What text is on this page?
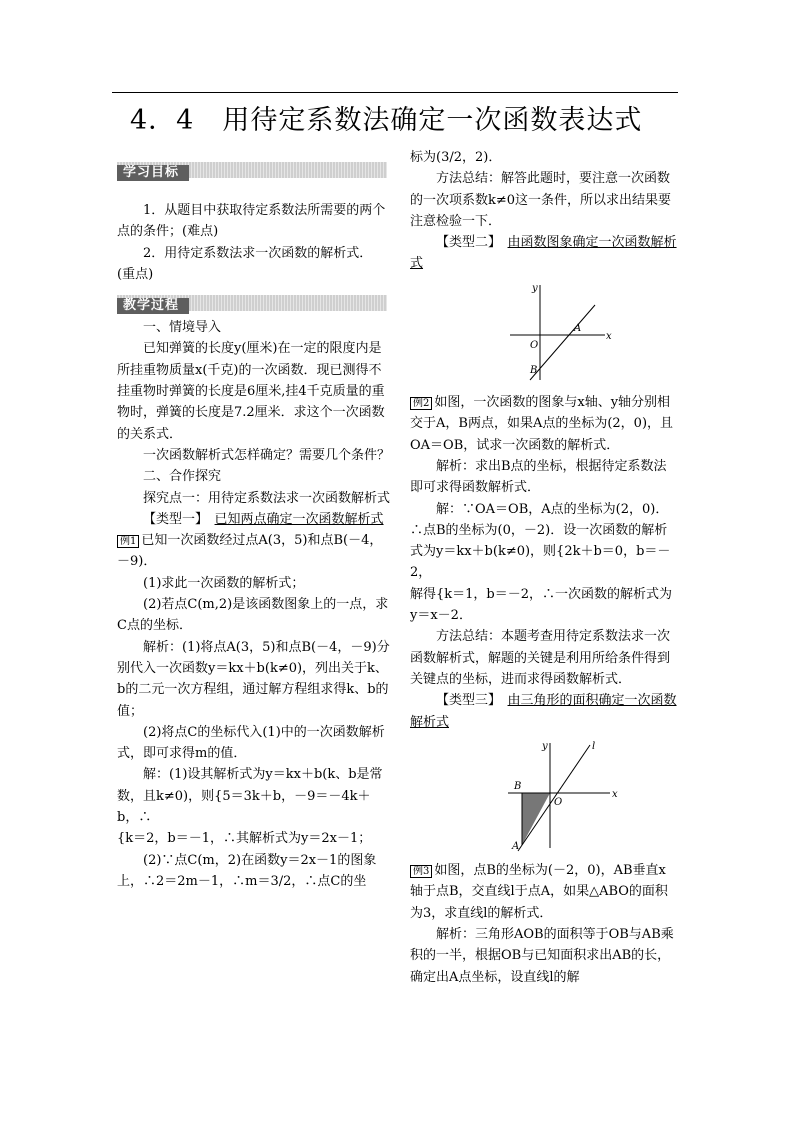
4．4　用待定系数法确定一次函数表达式
学习目标

1．从题目中获取待定系数法所需要的两个点的条件；(难点)

2．用待定系数法求一次函数的解析式．(重点)

教学过程

一、情境导入

已知弹簧的长度y(厘米)在一定的限度内是所挂重物质量x(千克)的一次函数．现已测得不挂重物时弹簧的长度是6厘米,挂4千克质量的重物时，弹簧的长度是7.2厘米．求这个一次函数的关系式．

一次函数解析式怎样确定？需要几个条件？

二、合作探究

探究点一：用待定系数法求一次函数解析式

【类型一】　 已知两点确定一次函数解析式

例1 已知一次函数经过点A(3，5)和点B(－4，－9)．

(1)求此一次函数的解析式；

(2)若点C(m,2)是该函数图象上的一点，求C点的坐标．

解析：(1)将点A(3，5)和点B(－4，－9)分别代入一次函数y＝kx＋b(k≠0)，列出关于k、b的二元一次方程组，通过解方程组求得k、b的值；

(2)将点C的坐标代入(1)中的一次函数解析式，即可求得m的值．

解：(1)设其解析式为y＝kx＋b(k、b是常数，且k≠0)，则{5＝3k＋b，－9＝－4k＋b，∴

{k＝2，b＝－1，∴其解析式为y＝2x－1；

(2)∵点C(m，2)在函数y＝2x－1的图象上，∴2＝2m－1，∴m＝3/2，∴点C的坐

标为(3/2，2)．

方法总结：解答此题时，要注意一次函数的一次项系数k≠0这一条件，所以求出结果要注意检验一下．

【类型二】　 由函数图象确定一次函数解析式

y
x
O
A
B

例2 如图，一次函数的图象与x轴、y轴分别相交于A，B两点，如果A点的坐标为(2，0)，且OA＝OB，试求一次函数的解析式．

解析：求出B点的坐标，根据待定系数法即可求得函数解析式．

解：∵OA＝OB，A点的坐标为(2，0)．∴点B的坐标为(0，－2)．设一次函数的解析式为y＝kx＋b(k≠0)，则{2k＋b＝0，b＝－2，

解得{k＝1，b＝－2，∴一次函数的解析式为y＝x－2．

方法总结：本题考查用待定系数法求一次函数解析式，解题的关键是利用所给条件得到关键点的坐标，进而求得函数解析式．

【类型三】　 由三角形的面积确定一次函数解析式

y	l
B
O
A
x

例3 如图，点B的坐标为(－2，0)，AB垂直x轴于点B，交直线l于点A，如果△ABO的面积为3，求直线l的解析式．

解析：三角形AOB的面积等于OB与AB乘积的一半，根据OB与已知面积求出AB的长，确定出A点坐标，设直线l的解
